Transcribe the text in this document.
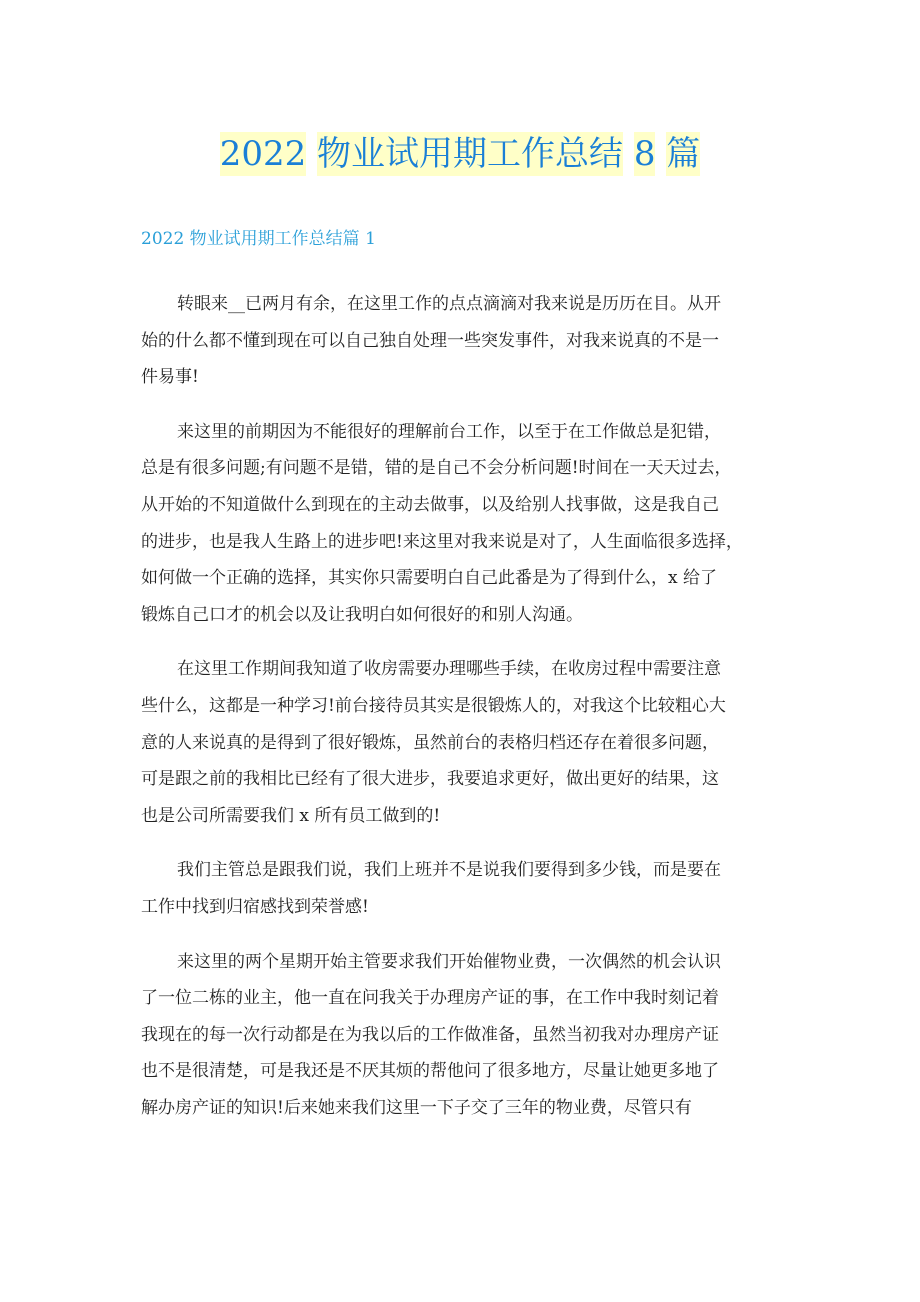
2022 物业试用期工作总结 8 篇
2022 物业试用期工作总结篇 1

转眼来__已两月有余，在这里工作的点点滴滴对我来说是历历在目。从开
始的什么都不懂到现在可以自己独自处理一些突发事件，对我来说真的不是一
件易事!

来这里的前期因为不能很好的理解前台工作，以至于在工作做总是犯错，
总是有很多问题;有问题不是错，错的是自己不会分析问题!时间在一天天过去，
从开始的不知道做什么到现在的主动去做事，以及给别人找事做，这是我自己
的进步，也是我人生路上的进步吧!来这里对我来说是对了，人生面临很多选择，
如何做一个正确的选择，其实你只需要明白自己此番是为了得到什么，x 给了
锻炼自己口才的机会以及让我明白如何很好的和别人沟通。

在这里工作期间我知道了收房需要办理哪些手续，在收房过程中需要注意
些什么，这都是一种学习!前台接待员其实是很锻炼人的，对我这个比较粗心大
意的人来说真的是得到了很好锻炼，虽然前台的表格归档还存在着很多问题，
可是跟之前的我相比已经有了很大进步，我要追求更好，做出更好的结果，这
也是公司所需要我们 x 所有员工做到的!

我们主管总是跟我们说，我们上班并不是说我们要得到多少钱，而是要在
工作中找到归宿感找到荣誉感!

来这里的两个星期开始主管要求我们开始催物业费，一次偶然的机会认识
了一位二栋的业主，他一直在问我关于办理房产证的事，在工作中我时刻记着
我现在的每一次行动都是在为我以后的工作做准备，虽然当初我对办理房产证
也不是很清楚，可是我还是不厌其烦的帮他问了很多地方，尽量让她更多地了
解办房产证的知识!后来她来我们这里一下子交了三年的物业费，尽管只有
